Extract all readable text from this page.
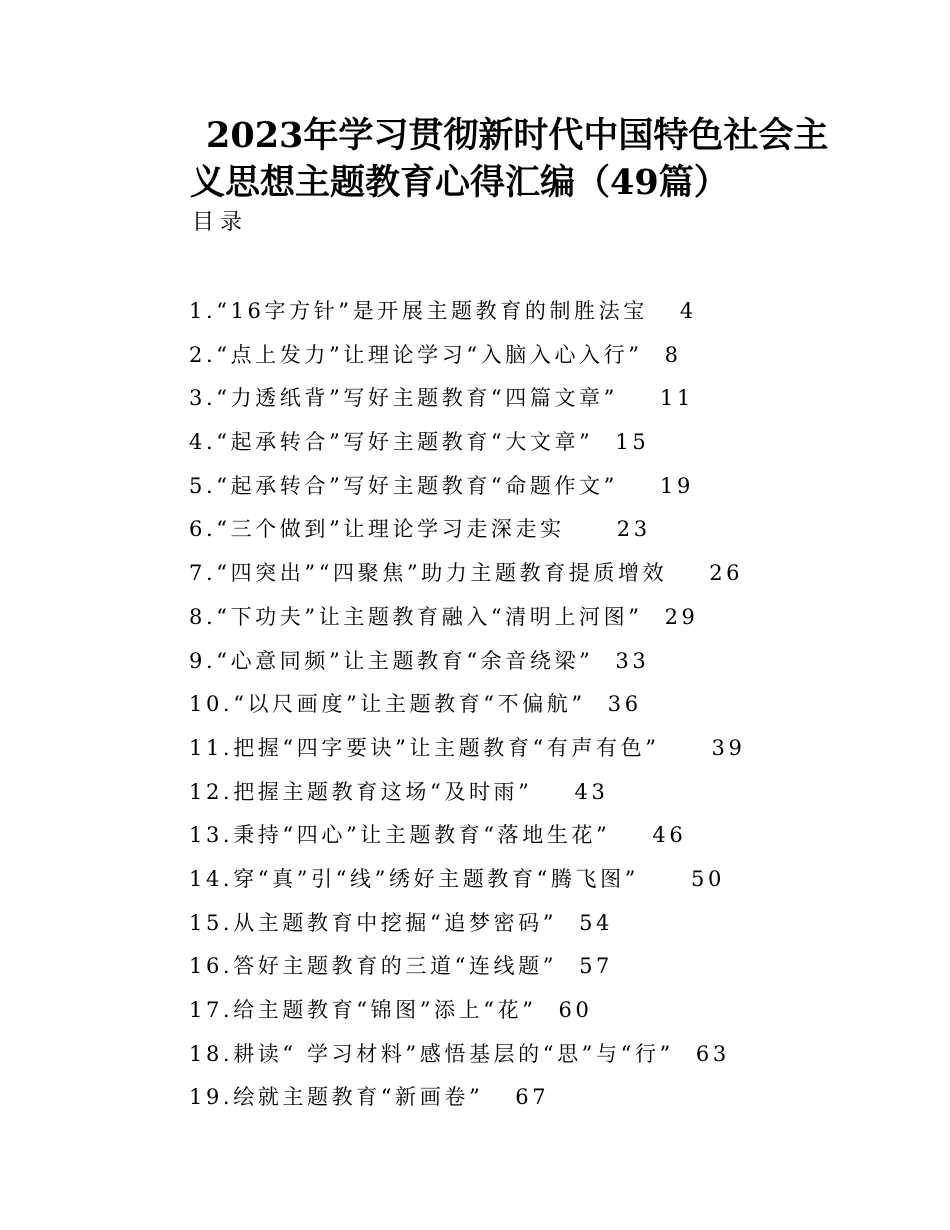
2023年学习贯彻新时代中国特色社会主
义思想主题教育心得汇编（49篇）
目录
1.“16字方针”是开展主题教育的制胜法宝 4
2.“点上发力”让理论学习“入脑入心入行” 8
3.“力透纸背”写好主题教育“四篇文章” 11
4.“起承转合”写好主题教育“大文章” 15
5.“起承转合”写好主题教育“命题作文” 19
6.“三个做到”让理论学习走深走实 23
7.“四突出”“四聚焦”助力主题教育提质增效 26
8.“下功夫”让主题教育融入“清明上河图” 29
9.“心意同频”让主题教育“余音绕梁” 33
10.“以尺画度”让主题教育“不偏航” 36
11.把握“四字要诀”让主题教育“有声有色” 39
12.把握主题教育这场“及时雨” 43
13.秉持“四心”让主题教育“落地生花” 46
14.穿“真”引“线”绣好主题教育“腾飞图” 50
15.从主题教育中挖掘“追梦密码” 54
16.答好主题教育的三道“连线题” 57
17.给主题教育“锦图”添上“花” 60
18.耕读“ 学习材料”感悟基层的“思”与“行” 63
19.绘就主题教育“新画卷” 67
